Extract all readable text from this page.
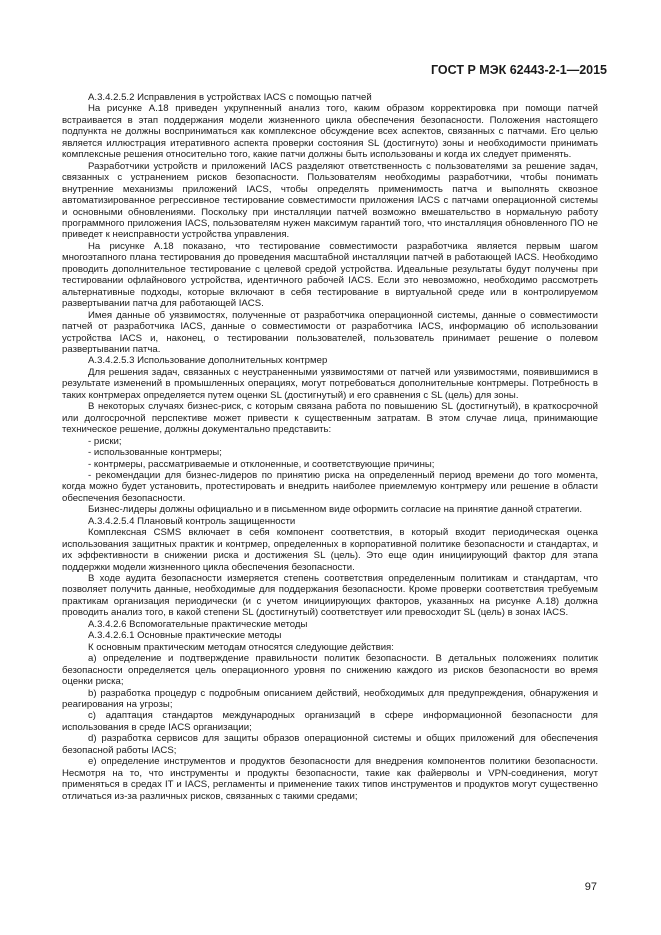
ГОСТ Р МЭК 62443-2-1—2015

А.3.4.2.5.2 Исправления в устройствах IACS с помощью патчей

На рисунке А.18 приведен укрупненный анализ того, каким образом корректировка при помощи патчей встраивается в этап поддержания модели жизненного цикла обеспечения безопасности. Положения настоящего подпункта не должны восприниматься как комплексное обсуждение всех аспектов, связанных с патчами. Его целью является иллюстрация итеративного аспекта проверки состояния SL (достигнуто) зоны и необходимости принимать комплексные решения относительно того, какие патчи должны быть использованы и когда их следует применять.

Разработчики устройств и приложений IACS разделяют ответственность с пользователями за решение задач, связанных с устранением рисков безопасности. Пользователям необходимы разработчики, чтобы понимать внутренние механизмы приложений IACS, чтобы определять применимость патча и выполнять сквозное автоматизированное регрессивное тестирование совместимости приложения IACS с патчами операционной системы и основными обновлениями. Поскольку при инсталляции патчей возможно вмешательство в нормальную работу программного приложения IACS, пользователям нужен максимум гарантий того, что инсталляция обновленного ПО не приведет к неисправности устройства управления.

На рисунке А.18 показано, что тестирование совместимости разработчика является первым шагом многоэтапного плана тестирования до проведения масштабной инсталляции патчей в работающей IACS. Необходимо проводить дополнительное тестирование с целевой средой устройства. Идеальные результаты будут получены при тестировании офлайнового устройства, идентичного рабочей IACS. Если это невозможно, необходимо рассмотреть альтернативные подходы, которые включают в себя тестирование в виртуальной среде или в контролируемом развертывании патча для работающей IACS.

Имея данные об уязвимостях, полученные от разработчика операционной системы, данные о совместимости патчей от разработчика IACS, данные о совместимости от разработчика IACS, информацию об использовании устройства IACS и, наконец, о тестировании пользователей, пользователь принимает решение о полевом развертывании патча.

А.3.4.2.5.3 Использование дополнительных контрмер

Для решения задач, связанных с неустраненными уязвимостями от патчей или уязвимостями, появившимися в результате изменений в промышленных операциях, могут потребоваться дополнительные контрмеры. Потребность в таких контрмерах определяется путем оценки SL (достигнутый) и его сравнения с SL (цель) для зоны.

В некоторых случаях бизнес-риск, с которым связана работа по повышению SL (достигнутый), в краткосрочной или долгосрочной перспективе может привести к существенным затратам. В этом случае лица, принимающие техническое решение, должны документально представить:

- риски;

- использованные контрмеры;

- контрмеры, рассматриваемые и отклоненные, и соответствующие причины;

- рекомендации для бизнес-лидеров по принятию риска на определенный период времени до того момента, когда можно будет установить, протестировать и внедрить наиболее приемлемую контрмеру или решение в области обеспечения безопасности.

Бизнес-лидеры должны официально и в письменном виде оформить согласие на принятие данной стратегии.

А.3.4.2.5.4 Плановый контроль защищенности

Комплексная CSMS включает в себя компонент соответствия, в который входит периодическая оценка использования защитных практик и контрмер, определенных в корпоративной политике безопасности и стандартах, и их эффективности в снижении риска и достижения SL (цель). Это еще один инициирующий фактор для этапа поддержки модели жизненного цикла обеспечения безопасности.

В ходе аудита безопасности измеряется степень соответствия определенным политикам и стандартам, что позволяет получить данные, необходимые для поддержания безопасности. Кроме проверки соответствия требуемым практикам организация периодически (и с учетом инициирующих факторов, указанных на рисунке А.18) должна проводить анализ того, в какой степени SL (достигнутый) соответствует или превосходит SL (цель) в зонах IACS.

А.3.4.2.6 Вспомогательные практические методы

А.3.4.2.6.1 Основные практические методы

К основным практическим методам относятся следующие действия:

а) определение и подтверждение правильности политик безопасности. В детальных положениях политик безопасности определяется цель операционного уровня по снижению каждого из рисков безопасности во время оценки риска;

b) разработка процедур с подробным описанием действий, необходимых для предупреждения, обнаружения и реагирования на угрозы;

с) адаптация стандартов международных организаций в сфере информационной безопасности для использования в среде IACS организации;

d) разработка сервисов для защиты образов операционной системы и общих приложений для обеспечения безопасной работы IACS;

е) определение инструментов и продуктов безопасности для внедрения компонентов политики безопасности. Несмотря на то, что инструменты и продукты безопасности, такие как файерволы и VPN-соединения, могут применяться в средах IT и IACS, регламенты и применение таких типов инструментов и продуктов могут существенно отличаться из-за различных рисков, связанных с такими средами;

97
